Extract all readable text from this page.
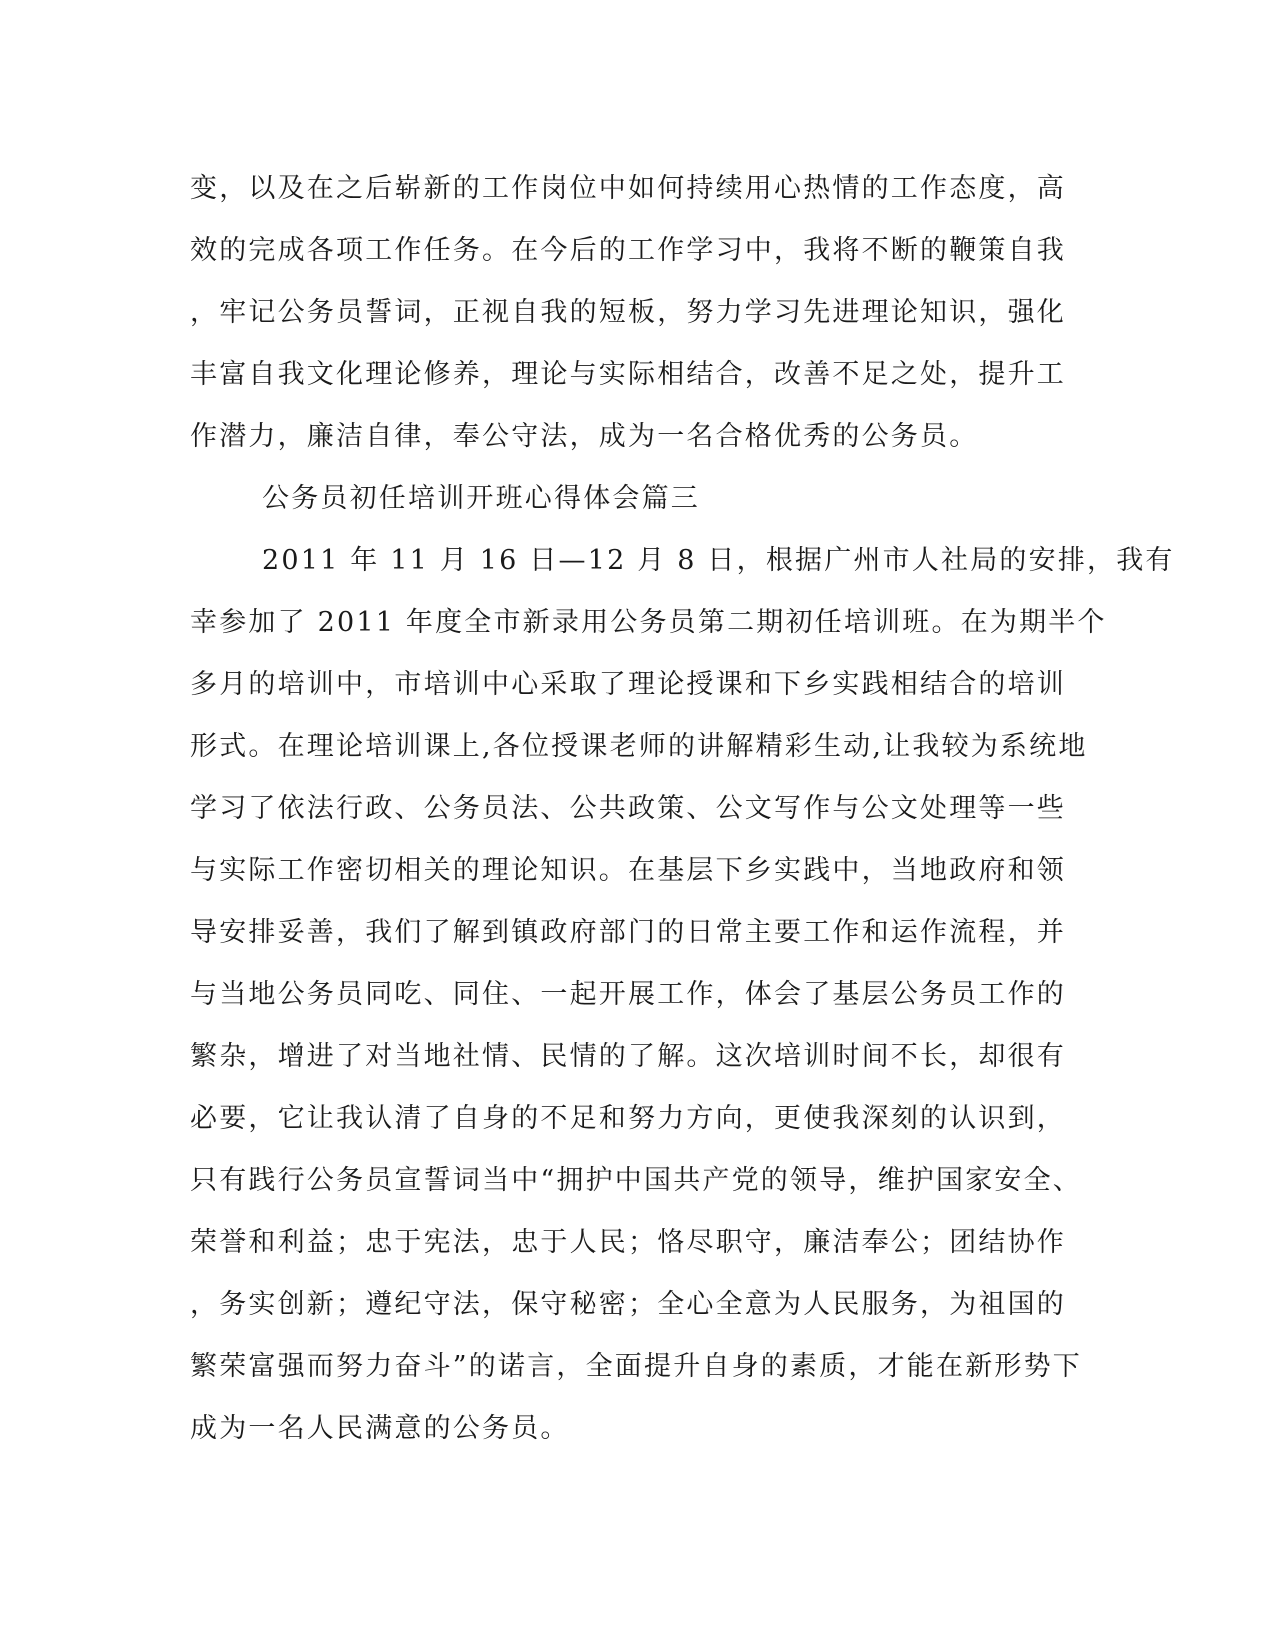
变，以及在之后崭新的工作岗位中如何持续用心热情的工作态度，高
效的完成各项工作任务。在今后的工作学习中，我将不断的鞭策自我
，牢记公务员誓词，正视自我的短板，努力学习先进理论知识，强化
丰富自我文化理论修养，理论与实际相结合，改善不足之处，提升工
作潜力，廉洁自律，奉公守法，成为一名合格优秀的公务员。
公务员初任培训开班心得体会篇三
2011 年 11 月 16 日—12 月 8 日，根据广州市人社局的安排，我有
幸参加了 2011 年度全市新录用公务员第二期初任培训班。在为期半个
多月的培训中，市培训中心采取了理论授课和下乡实践相结合的培训
形式。在理论培训课上,各位授课老师的讲解精彩生动,让我较为系统地
学习了依法行政、公务员法、公共政策、公文写作与公文处理等一些
与实际工作密切相关的理论知识。在基层下乡实践中，当地政府和领
导安排妥善，我们了解到镇政府部门的日常主要工作和运作流程，并
与当地公务员同吃、同住、一起开展工作，体会了基层公务员工作的
繁杂，增进了对当地社情、民情的了解。这次培训时间不长，却很有
必要，它让我认清了自身的不足和努力方向，更使我深刻的认识到，
只有践行公务员宣誓词当中“拥护中国共产党的领导，维护国家安全、
荣誉和利益；忠于宪法，忠于人民；恪尽职守，廉洁奉公；团结协作
，务实创新；遵纪守法，保守秘密；全心全意为人民服务，为祖国的
繁荣富强而努力奋斗”的诺言，全面提升自身的素质，才能在新形势下
成为一名人民满意的公务员。
